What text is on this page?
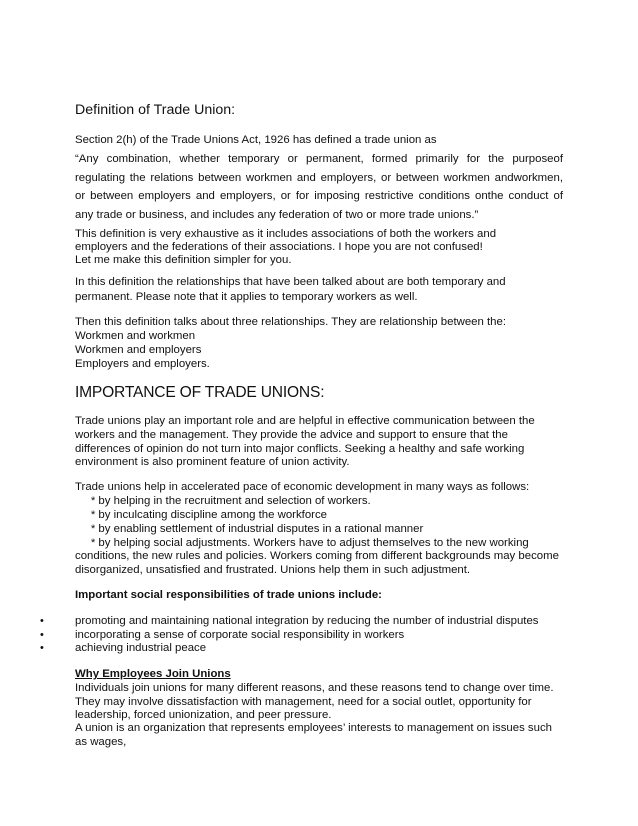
Definition of Trade Union:
Section 2(h) of the Trade Unions Act, 1926 has defined a trade union as
“Any combination, whether temporary or permanent, formed primarily for the purposeof
regulating the relations between workmen and employers, or between workmen andworkmen,
or between employers and employers, or for imposing restrictive conditions onthe conduct of
any trade or business, and includes any federation of two or more trade unions.”
This definition is very exhaustive as it includes associations of both the workers and
employers and the federations of their associations. I hope you are not confused!
Let me make this definition simpler for you.
In this definition the relationships that have been talked about are both temporary and
permanent. Please note that it applies to temporary workers as well.
Then this definition talks about three relationships. They are relationship between the:
Workmen and workmen
Workmen and employers
Employers and employers.
IMPORTANCE OF TRADE UNIONS:
Trade unions play an important role and are helpful in effective communication between the
workers and the management. They provide the advice and support to ensure that the
differences of opinion do not turn into major conflicts. Seeking a healthy and safe working
environment is also prominent feature of union activity.
Trade unions help in accelerated pace of economic development in many ways as follows:
* by helping in the recruitment and selection of workers.
* by inculcating discipline among the workforce
* by enabling settlement of industrial disputes in a rational manner
* by helping social adjustments. Workers have to adjust themselves to the new working
conditions, the new rules and policies. Workers coming from different backgrounds may become
disorganized, unsatisfied and frustrated. Unions help them in such adjustment.
Important social responsibilities of trade unions include:
•	promoting and maintaining national integration by reducing the number of industrial disputes
•	incorporating a sense of corporate social responsibility in workers
•	achieving industrial peace
Why Employees Join Unions
Individuals join unions for many different reasons, and these reasons tend to change over time.
They may involve dissatisfaction with management, need for a social outlet, opportunity for
leadership, forced unionization, and peer pressure.
A union is an organization that represents employees’ interests to management on issues such
as wages,
